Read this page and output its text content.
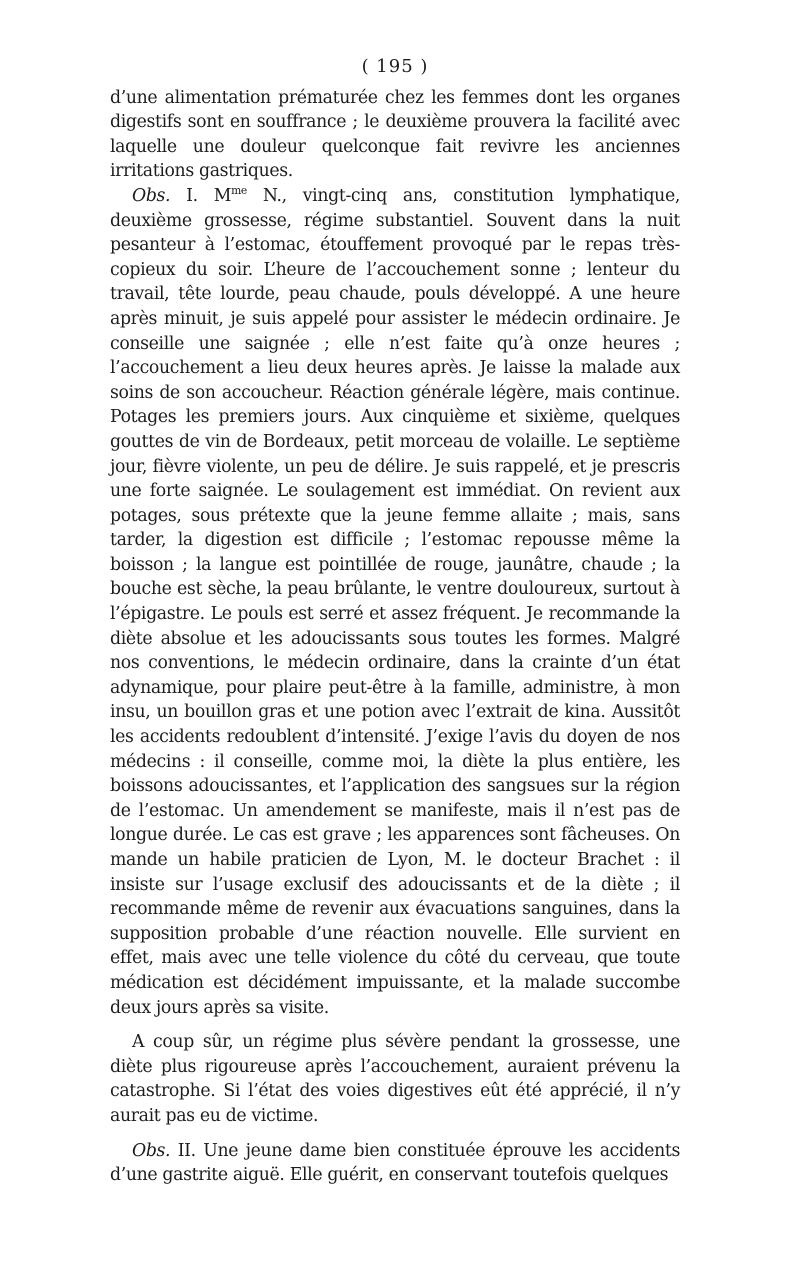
( 195 )

d’une alimentation prématurée chez les femmes dont les organes digestifs sont en souffrance ; le deuxième prouvera la facilité avec laquelle une douleur quelconque fait revivre les anciennes irritations gastriques.

Obs. I. $M^{me}$ N., vingt-cinq ans, constitution lymphatique, deuxième grossesse, régime substantiel. Souvent dans la nuit pesanteur à l’estomac, étouffement provoqué par le repas très-copieux du soir. L’heure de l’accouchement sonne ; lenteur du travail, tête lourde, peau chaude, pouls développé. A une heure après minuit, je suis appelé pour assister le médecin ordinaire. Je conseille une saignée ; elle n’est faite qu’à onze heures ; l’accouchement a lieu deux heures après. Je laisse la malade aux soins de son accoucheur. Réaction générale légère, mais continue. Potages les premiers jours. Aux cinquième et sixième, quelques gouttes de vin de Bordeaux, petit morceau de volaille. Le septième jour, fièvre violente, un peu de délire. Je suis rappelé, et je prescris une forte saignée. Le soulagement est immédiat. On revient aux potages, sous prétexte que la jeune femme allaite ; mais, sans tarder, la digestion est difficile ; l’estomac repousse même la boisson ; la langue est pointillée de rouge, jaunâtre, chaude ; la bouche est sèche, la peau brûlante, le ventre douloureux, surtout à l’épigastre. Le pouls est serré et assez fréquent. Je recommande la diète absolue et les adoucissants sous toutes les formes. Malgré nos conventions, le médecin ordinaire, dans la crainte d’un état adynamique, pour plaire peut-être à la famille, administre, à mon insu, un bouillon gras et une potion avec l’extrait de kina. Aussitôt les accidents redoublent d’intensité. J’exige l’avis du doyen de nos médecins : il conseille, comme moi, la diète la plus entière, les boissons adoucissantes, et l’application des sangsues sur la région de l’estomac. Un amendement se manifeste, mais il n’est pas de longue durée. Le cas est grave ; les apparences sont fâcheuses. On mande un habile praticien de Lyon, M. le docteur Brachet : il insiste sur l’usage exclusif des adoucissants et de la diète ; il recommande même de revenir aux évacuations sanguines, dans la supposition probable d’une réaction nouvelle. Elle survient en effet, mais avec une telle violence du côté du cerveau, que toute médication est décidément impuissante, et la malade succombe deux jours après sa visite.

A coup sûr, un régime plus sévère pendant la grossesse, une diète plus rigoureuse après l’accouchement, auraient prévenu la catastrophe. Si l’état des voies digestives eût été apprécié, il n’y aurait pas eu de victime.

Obs. II. Une jeune dame bien constituée éprouve les accidents d’une gastrite aiguë. Elle guérit, en conservant toutefois quelques
